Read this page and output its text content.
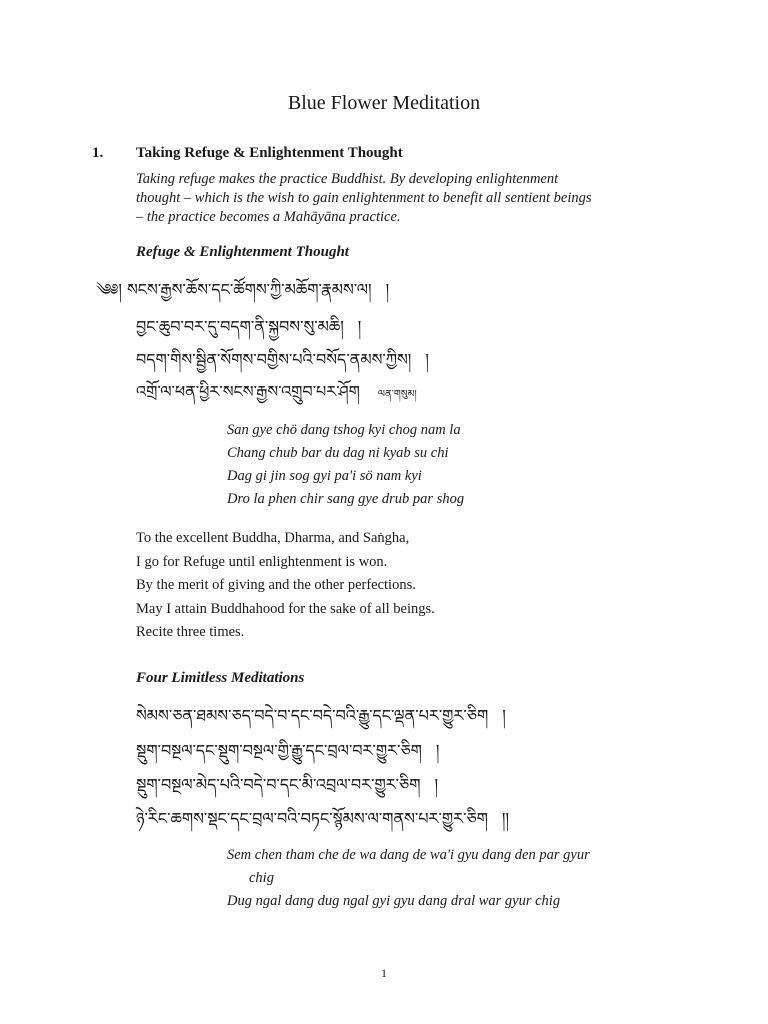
Blue Flower Meditation
1. Taking Refuge & Enlightenment Thought
Taking refuge makes the practice Buddhist. By developing enlightenment
thought – which is the wish to gain enlightenment to benefit all sentient beings
– the practice becomes a Mahāyāna practice.
Refuge & Enlightenment Thought
༄༅། སངས་རྒྱས་ཆོས་དང་ཚོགས་ཀྱི་མཆོག་རྣམས་ལ། །
བྱང་ཆུབ་བར་དུ་བདག་ནི་སྐྱབས་སུ་མཆི། །
བདག་གིས་སྦྱིན་སོགས་བགྱིས་པའི་བསོད་ནམས་ཀྱིས། །
འགྲོ་ལ་ཕན་ཕྱིར་སངས་རྒྱས་འགྲུབ་པར་ཤོག ལན་གསུམ།
San gye chö dang tshog kyi chog nam la
Chang chub bar du dag ni kyab su chi
Dag gi jin sog gyi pa'i sö nam kyi
Dro la phen chir sang gye drub par shog
To the excellent Buddha, Dharma, and Saṅgha,
I go for Refuge until enlightenment is won.
By the merit of giving and the other perfections.
May I attain Buddhahood for the sake of all beings.
Recite three times.
Four Limitless Meditations
སེམས་ཅན་ཐམས་ཅད་བདེ་བ་དང་བདེ་བའི་རྒྱུ་དང་ལྡན་པར་གྱུར་ཅིག །
སྡུག་བསྔལ་དང་སྡུག་བསྔལ་གྱི་རྒྱུ་དང་བྲལ་བར་གྱུར་ཅིག །
སྡུག་བསྔལ་མེད་པའི་བདེ་བ་དང་མི་འབྲལ་བར་གྱུར་ཅིག །
ཉེ་རིང་ཆགས་སྡང་དང་བྲལ་བའི་བཏང་སྙོམས་ལ་གནས་པར་གྱུར་ཅིག །།
Sem chen tham che de wa dang de wa'i gyu dang den par gyur
chig
Dug ngal dang dug ngal gyi gyu dang dral war gyur chig
1
